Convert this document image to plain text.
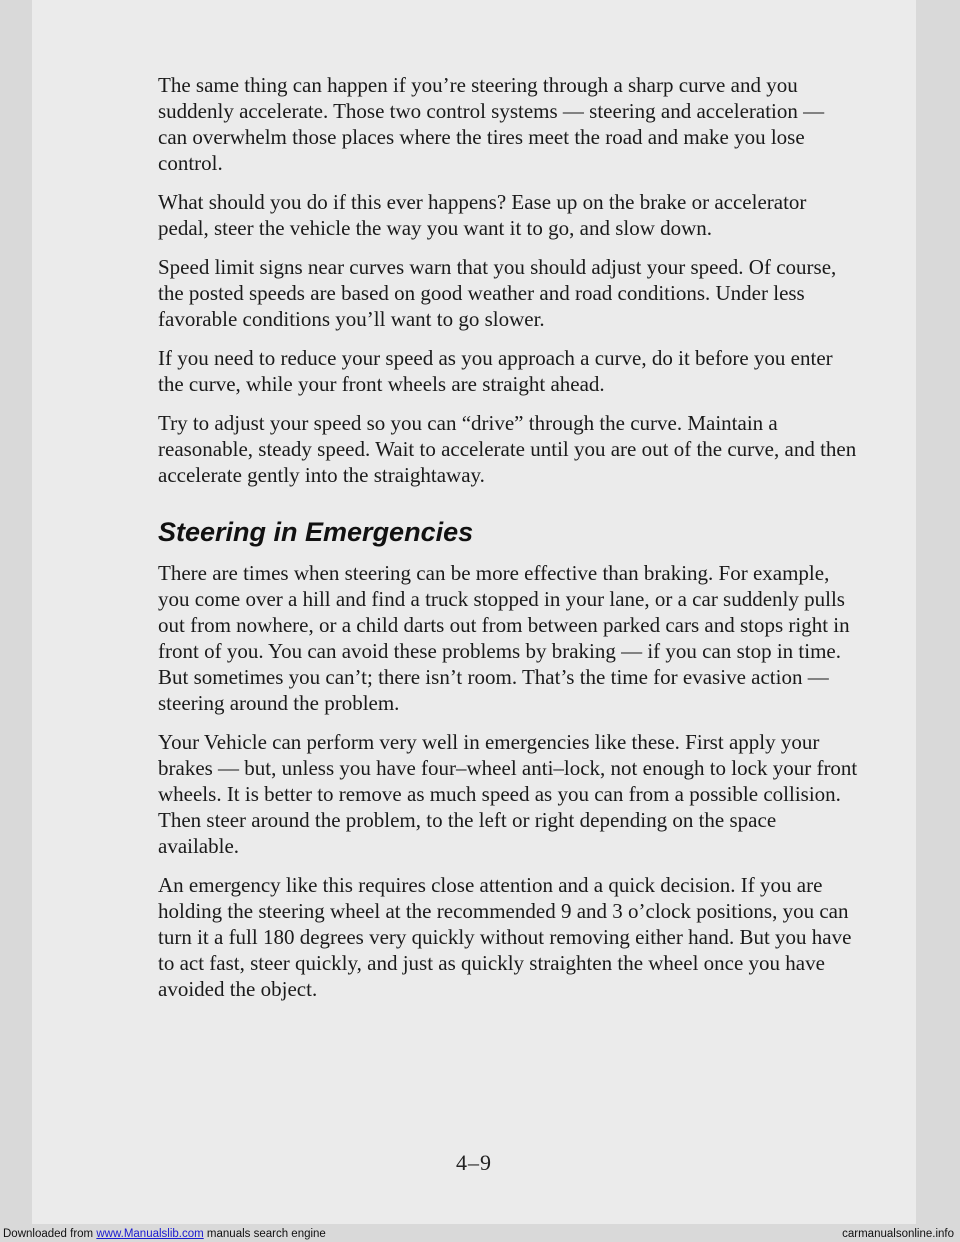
The same thing can happen if you’re steering through a sharp curve and you suddenly accelerate. Those two control systems — steering and acceleration — can overwhelm those places where the tires meet the road and make you lose control.

What should you do if this ever happens? Ease up on the brake or accelerator pedal, steer the vehicle the way you want it to go, and slow down.

Speed limit signs near curves warn that you should adjust your speed. Of course, the posted speeds are based on good weather and road conditions. Under less favorable conditions you’ll want to go slower.

If you need to reduce your speed as you approach a curve, do it before you enter the curve, while your front wheels are straight ahead.

Try to adjust your speed so you can “drive” through the curve. Maintain a reasonable, steady speed. Wait to accelerate until you are out of the curve, and then accelerate gently into the straightaway.

Steering in Emergencies

There are times when steering can be more effective than braking. For example, you come over a hill and find a truck stopped in your lane, or a car suddenly pulls out from nowhere, or a child darts out from between parked cars and stops right in front of you. You can avoid these problems by braking — if you can stop in time. But sometimes you can’t; there isn’t room. That’s the time for evasive action — steering around the problem.

Your Vehicle can perform very well in emergencies like these. First apply your brakes — but, unless you have four–wheel anti–lock, not enough to lock your front wheels. It is better to remove as much speed as you can from a possible collision. Then steer around the problem, to the left or right depending on the space available.

An emergency like this requires close attention and a quick decision. If you are holding the steering wheel at the recommended 9 and 3 o’clock positions, you can turn it a full 180 degrees very quickly without removing either hand. But you have to act fast, steer quickly, and just as quickly straighten the wheel once you have avoided the object.

4–9
Downloaded from www.Manualslib.com manuals search engine	carmanualsonline.info
